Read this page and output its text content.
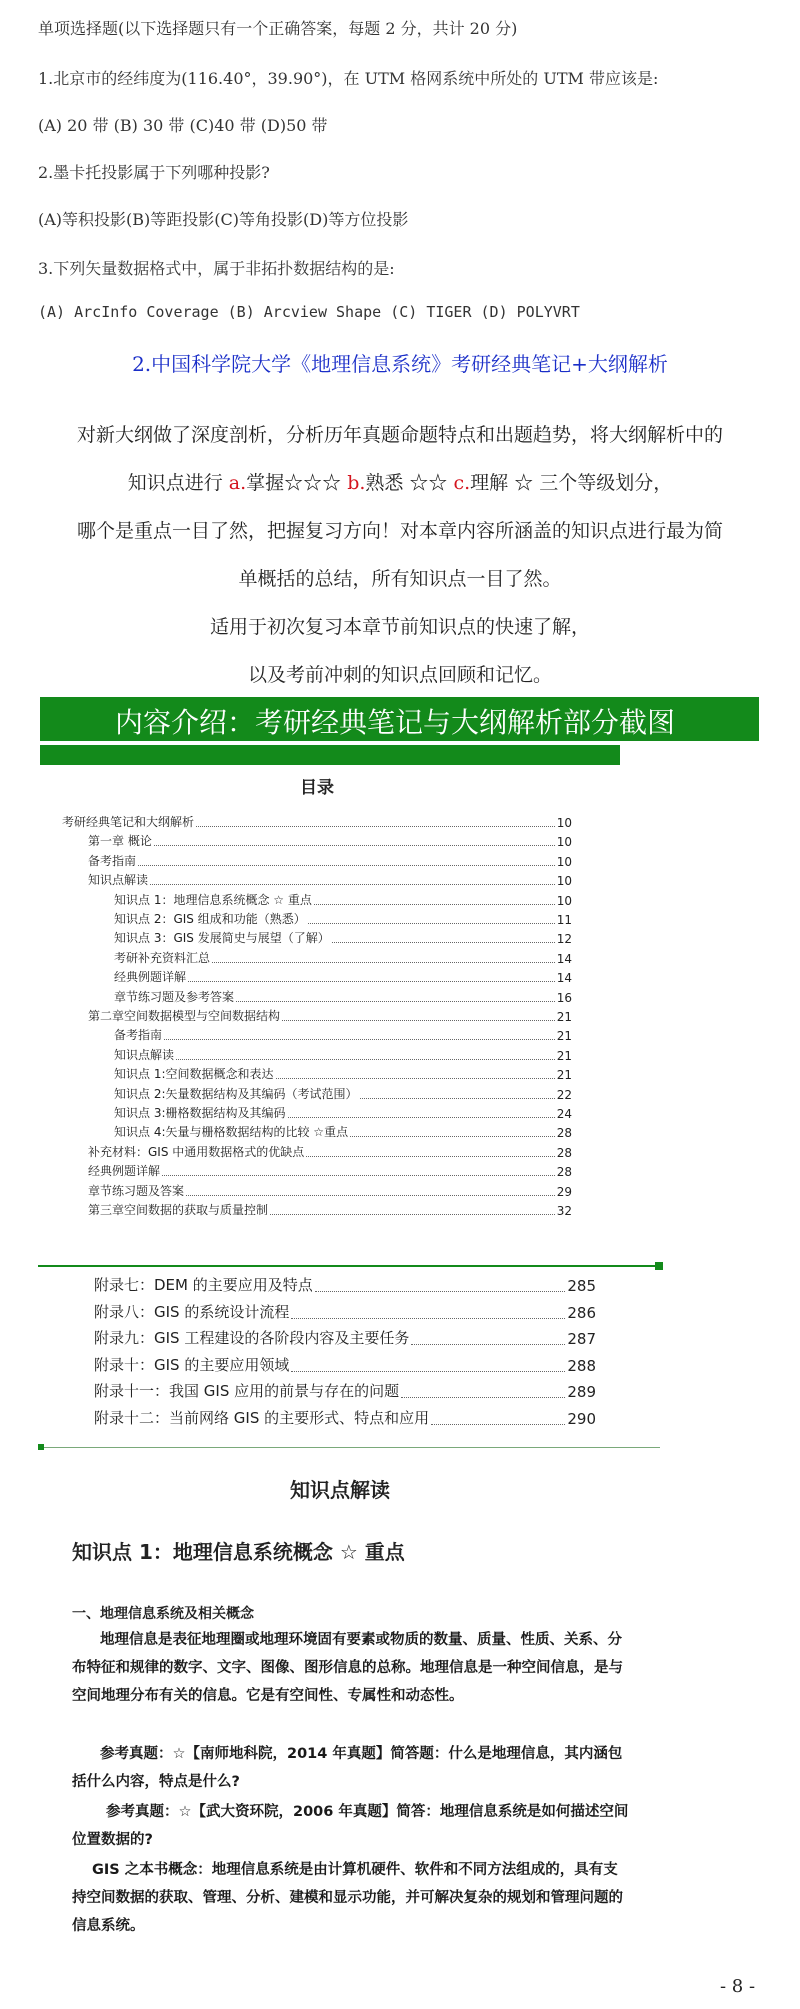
单项选择题(以下选择题只有一个正确答案，每题 2 分，共计 20 分)
1.北京市的经纬度为(116.40°，39.90°)，在 UTM 格网系统中所处的 UTM 带应该是:
(A) 20 带 (B) 30 带 (C)40 带 (D)50 带
2.墨卡托投影属于下列哪种投影?
(A)等积投影(B)等距投影(C)等角投影(D)等方位投影
3.下列矢量数据格式中，属于非拓扑数据结构的是:
(A) ArcInfo Coverage (B) Arcview Shape (C) TIGER (D) POLYVRT
2.中国科学院大学《地理信息系统》考研经典笔记+大纲解析
对新大纲做了深度剖析，分析历年真题命题特点和出题趋势，将大纲解析中的
知识点进行 a.掌握☆☆☆ b.熟悉 ☆☆ c.理解 ☆ 三个等级划分，
哪个是重点一目了然，把握复习方向！对本章内容所涵盖的知识点进行最为简
单概括的总结，所有知识点一目了然。
适用于初次复习本章节前知识点的快速了解，
以及考前冲刺的知识点回顾和记忆。
内容介绍：考研经典笔记与大纲解析部分截图
目录
考研经典笔记和大纲解析	10
第一章 概论	10
备考指南	10
知识点解读	10
知识点 1：地理信息系统概念 ☆ 重点	10
知识点 2：GIS 组成和功能（熟悉）	11
知识点 3：GIS 发展简史与展望（了解）	12
考研补充资料汇总	14
经典例题详解	14
章节练习题及参考答案	16
第二章空间数据模型与空间数据结构	21
备考指南	21
知识点解读	21
知识点 1:空间数据概念和表达	21
知识点 2:矢量数据结构及其编码（考试范围）	22
知识点 3:栅格数据结构及其编码	24
知识点 4:矢量与栅格数据结构的比较 ☆重点	28
补充材料：GIS 中通用数据格式的优缺点	28
经典例题详解	28
章节练习题及答案	29
第三章空间数据的获取与质量控制	32
附录七：DEM 的主要应用及特点	285
附录八：GIS 的系统设计流程	286
附录九：GIS 工程建设的各阶段内容及主要任务	287
附录十：GIS 的主要应用领域	288
附录十一：我国 GIS 应用的前景与存在的问题	289
附录十二：当前网络 GIS 的主要形式、特点和应用	290
知识点解读
知识点 1：地理信息系统概念 ☆ 重点
一、地理信息系统及相关概念
地理信息是表征地理圈或地理环境固有要素或物质的数量、质量、性质、关系、分布特征和规律的数字、文字、图像、图形信息的总称。地理信息是一种空间信息，是与空间地理分布有关的信息。它是有空间性、专属性和动态性。
参考真题：☆【南师地科院，2014 年真题】简答题：什么是地理信息，其内涵包括什么内容，特点是什么?
参考真题：☆【武大资环院，2006 年真题】简答：地理信息系统是如何描述空间位置数据的?
GIS 之本书概念：地理信息系统是由计算机硬件、软件和不同方法组成的，具有支持空间数据的获取、管理、分析、建模和显示功能，并可解决复杂的规划和管理问题的信息系统。
- 8 -
